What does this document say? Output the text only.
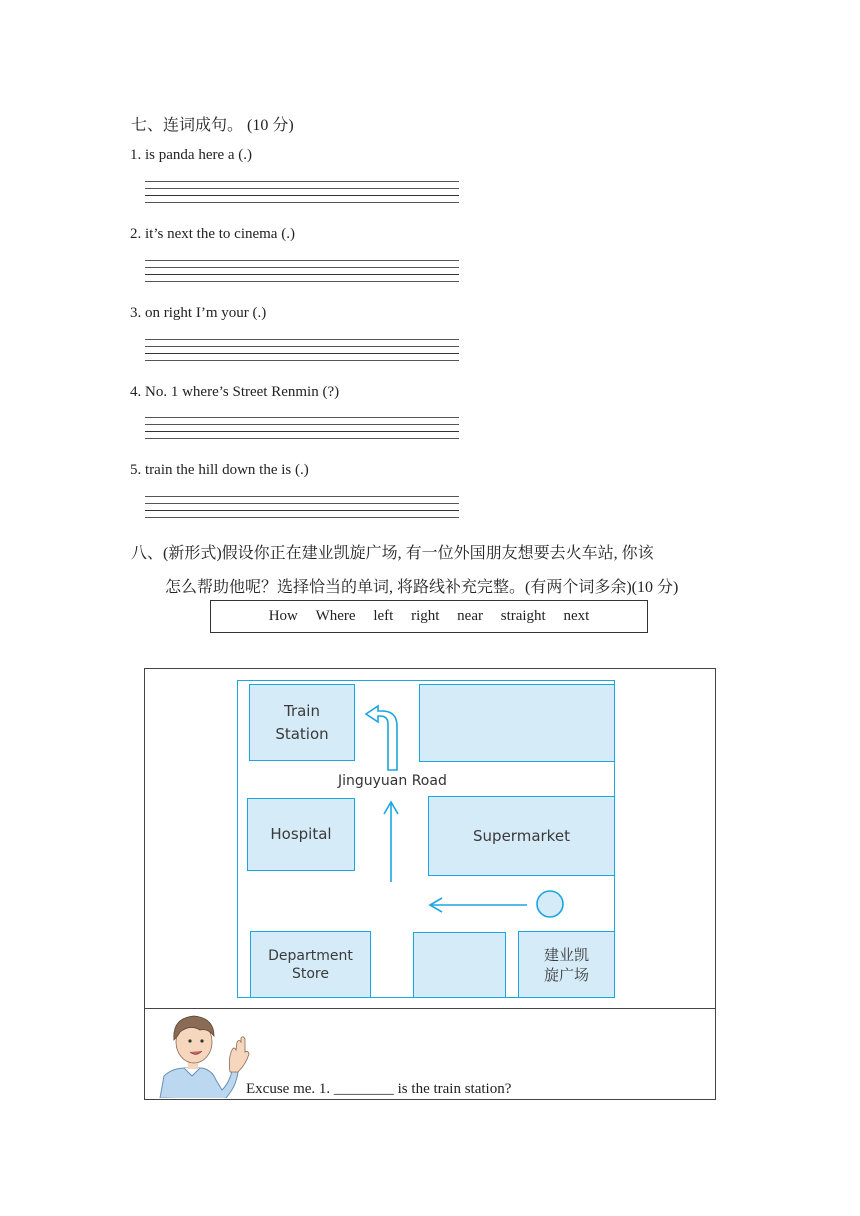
七、连词成句。 (10 分)
1. is panda here a (.)
2. it’s next the to cinema (.)
3. on right I’m your (.)
4. No. 1 where’s Street Renmin (?)
5. train the hill down the is (.)
八、(新形式)假设你正在建业凯旋广场, 有一位外国朋友想要去火车站, 你该
怎么帮助他呢？选择恰当的单词, 将路线补充完整。(有两个词多余)(10 分)
How Where left right near straight next
Train
Station
Hospital	Supermarket
Department
Store
建业凯
旋广场
Jinguyuan Road
Excuse me. 1. ________ is the train station?
